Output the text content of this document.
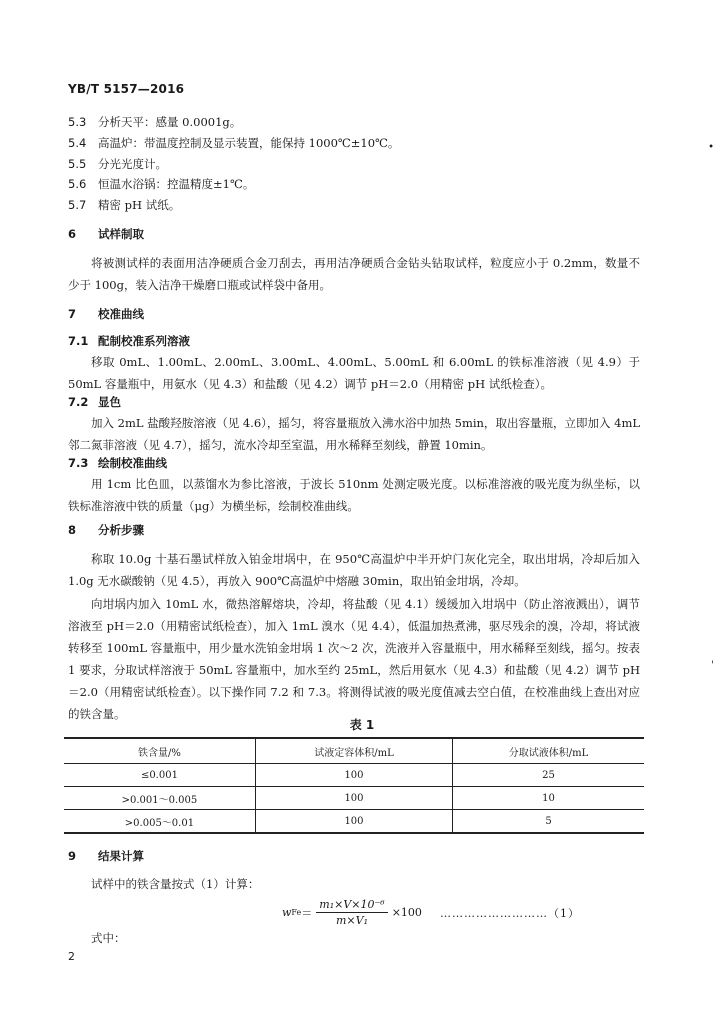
YB/T 5157—2016
5.3 分析天平：感量 0.0001g。
5.4 高温炉：带温度控制及显示装置，能保持 1000℃±10℃。
5.5 分光光度计。
5.6 恒温水浴锅：控温精度±1℃。
5.7 精密 pH 试纸。
6 试样制取
将被测试样的表面用洁净硬质合金刀刮去，再用洁净硬质合金钻头钻取试样，粒度应小于 0.2mm，数量不少于 100g，装入洁净干燥磨口瓶或试样袋中备用。
7 校准曲线
7.1 配制校准系列溶液
移取 0mL、1.00mL、2.00mL、3.00mL、4.00mL、5.00mL 和 6.00mL 的铁标准溶液（见 4.9）于 50mL 容量瓶中，用氨水（见 4.3）和盐酸（见 4.2）调节 pH＝2.0（用精密 pH 试纸检查）。
7.2 显色
加入 2mL 盐酸羟胺溶液（见 4.6），摇匀，将容量瓶放入沸水浴中加热 5min，取出容量瓶，立即加入 4mL 邻二氮菲溶液（见 4.7），摇匀，流水冷却至室温，用水稀释至刻线，静置 10min。
7.3 绘制校准曲线
用 1cm 比色皿，以蒸馏水为参比溶液，于波长 510nm 处测定吸光度。以标准溶液的吸光度为纵坐标，以铁标准溶液中铁的质量（μg）为横坐标，绘制校准曲线。
8 分析步骤
称取 10.0g 十基石墨试样放入铂金坩埚中，在 950℃高温炉中半开炉门灰化完全，取出坩埚，冷却后加入 1.0g 无水碳酸钠（见 4.5），再放入 900℃高温炉中熔融 30min，取出铂金坩埚，冷却。
向坩埚内加入 10mL 水，微热溶解熔块，冷却，将盐酸（见 4.1）缓缓加入坩埚中（防止溶液溅出），调节溶液至 pH＝2.0（用精密试纸检查），加入 1mL 溴水（见 4.4），低温加热煮沸，驱尽残余的溴，冷却，将试液转移至 100mL 容量瓶中，用少量水洗铂金坩埚 1 次～2 次，洗液并入容量瓶中，用水稀释至刻线，摇匀。按表 1 要求，分取试样溶液于 50mL 容量瓶中，加水至约 25mL，然后用氨水（见 4.3）和盐酸（见 4.2）调节 pH＝2.0（用精密试纸检查）。以下操作同 7.2 和 7.3。将测得试液的吸光度值减去空白值，在校准曲线上查出对应的铁含量。
表 1
铁含量/%	试液定容体积/mL	分取试液体积/mL
≤0.001	100	25
>0.001～0.005	100	10
>0.005～0.01	100	5
9 结果计算
试样中的铁含量按式（1）计算：
w $Fe = \frac{\text{m₁×V×10⁻⁶}}{\text{m×V₁}} \times 100$ ………………………（1）
式中：
2
•
'
